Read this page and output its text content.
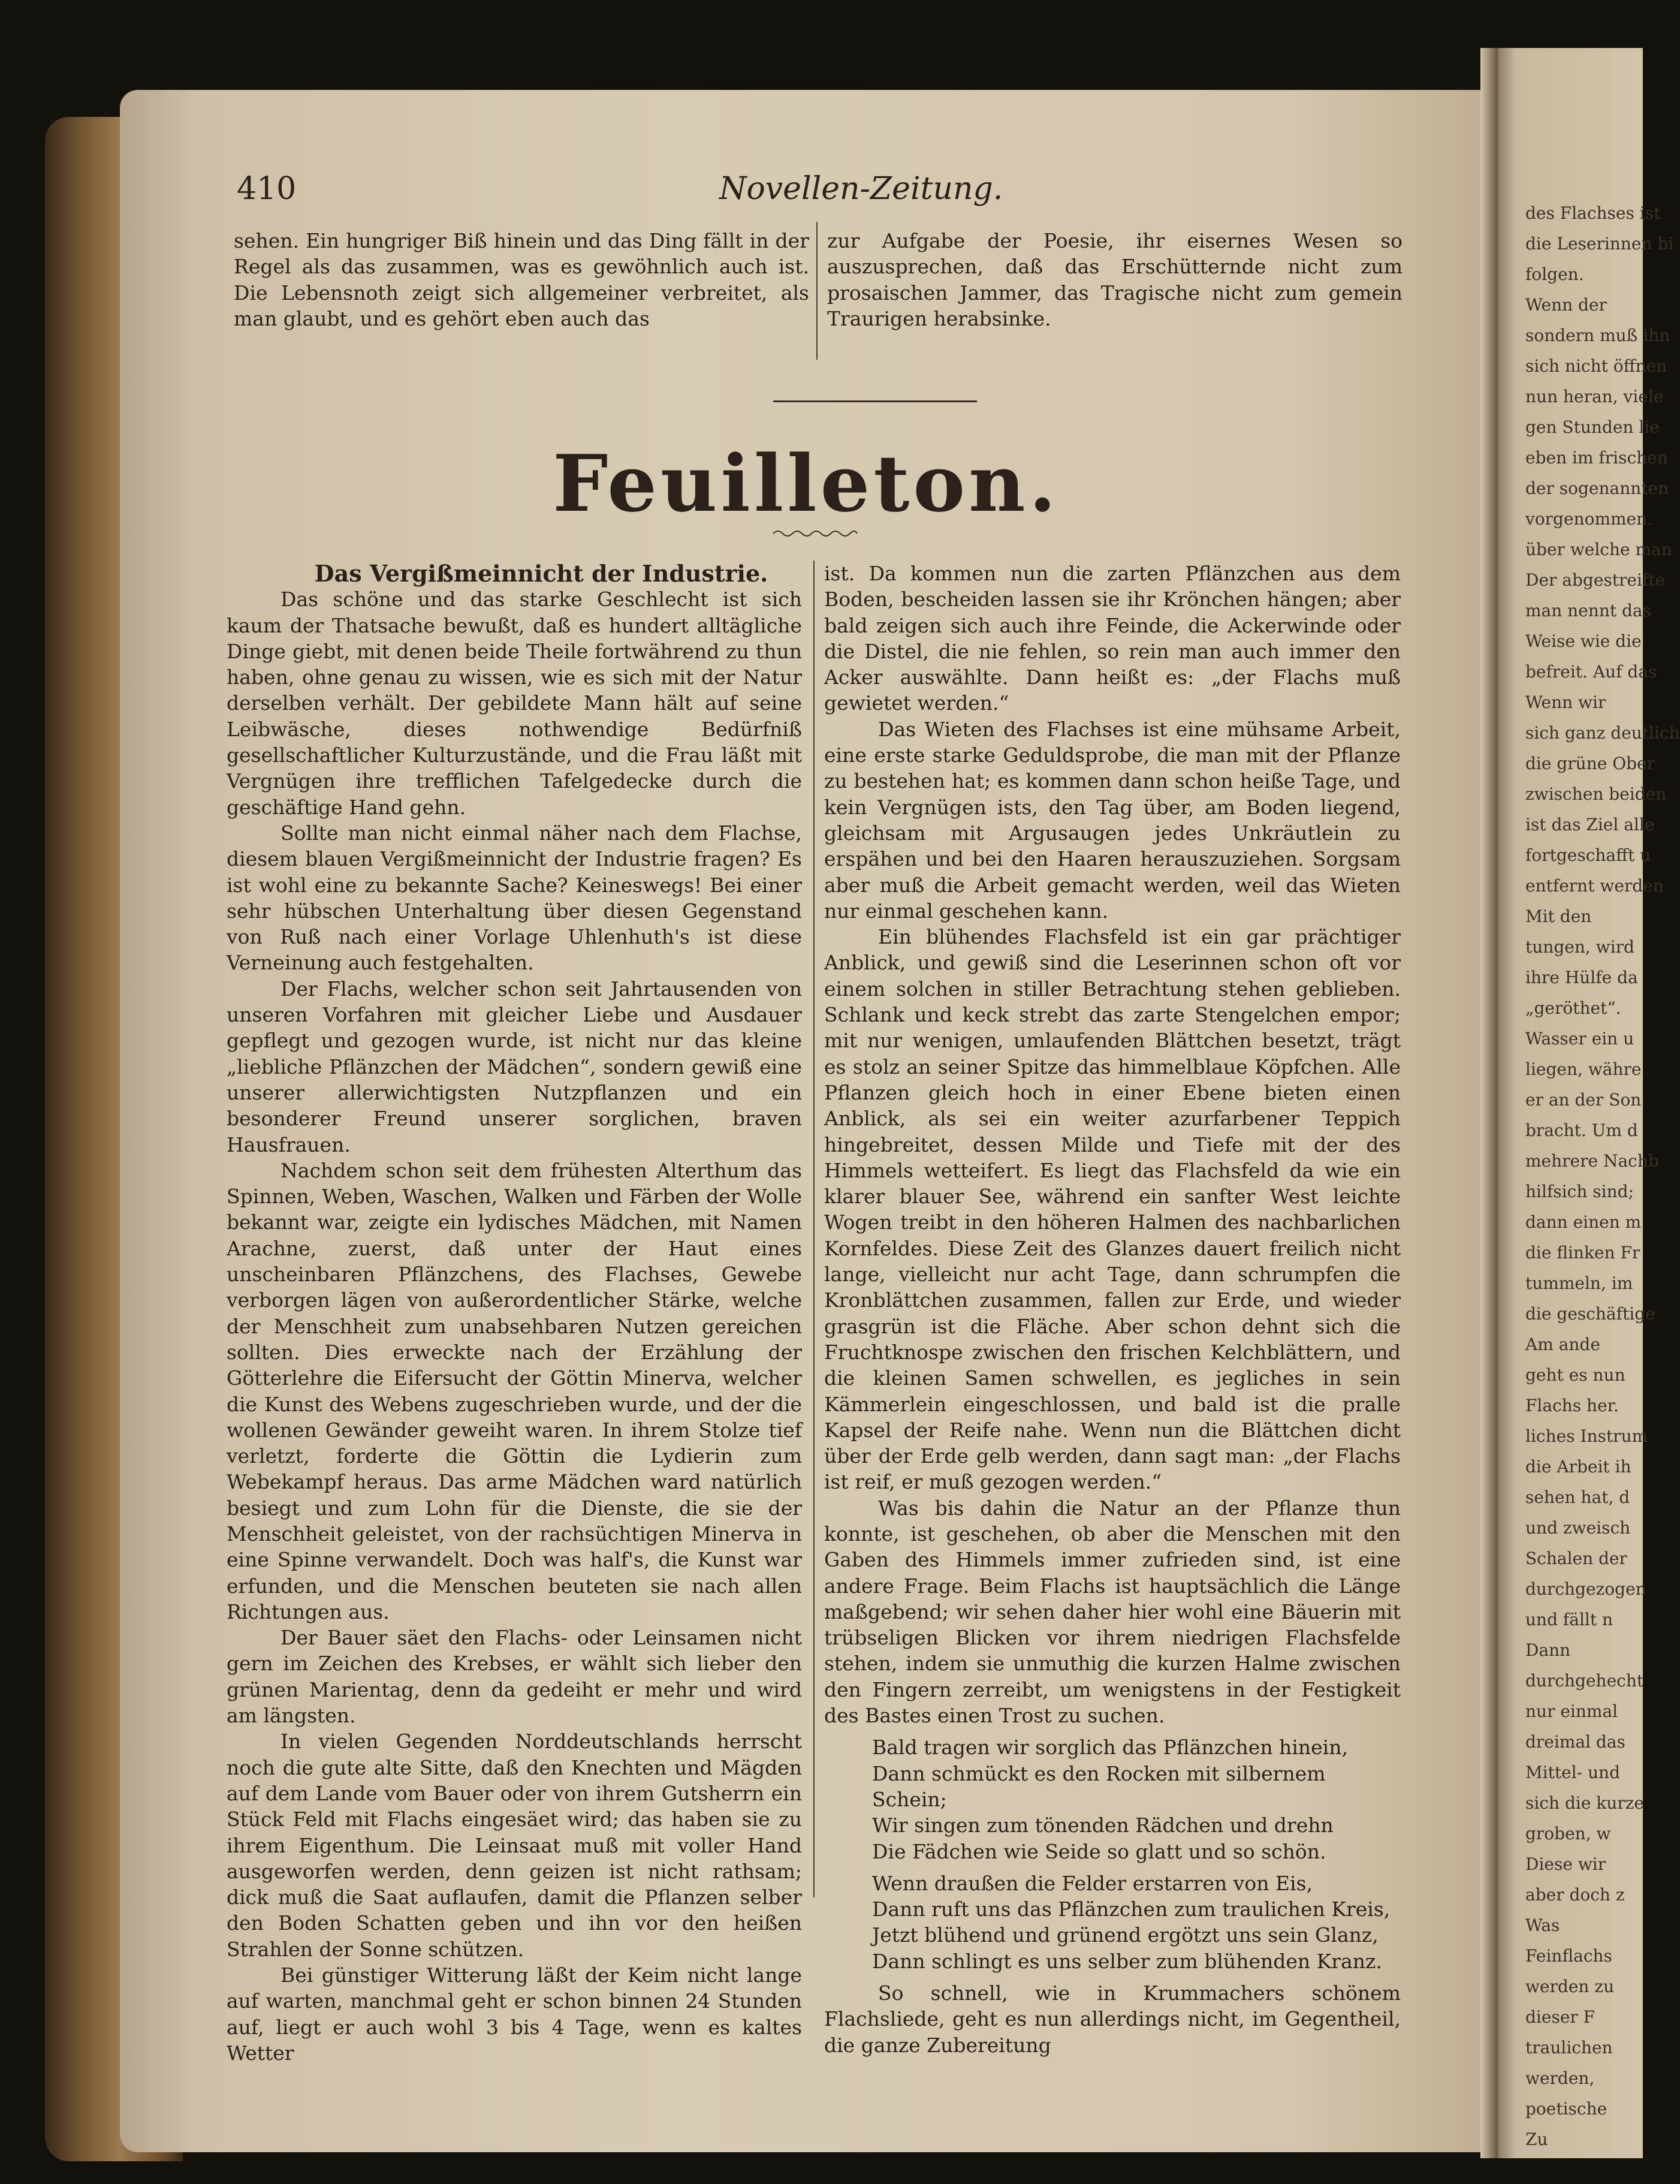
410	Novellen-Zeitung.

sehen. Ein hungriger Biß hinein und das Ding fällt in der Regel als das zusammen, was es gewöhnlich auch ist. Die Lebensnoth zeigt sich allgemeiner verbreitet, als man glaubt, und es gehört eben auch das

zur Aufgabe der Poesie, ihr eisernes Wesen so auszusprechen, daß das Erschütternde nicht zum prosaischen Jammer, das Tragische nicht zum gemein Traurigen herabsinke.

Feuilleton.

Das Vergißmeinnicht der Industrie.

Das schöne und das starke Geschlecht ist sich kaum der Thatsache bewußt, daß es hundert alltägliche Dinge giebt, mit denen beide Theile fortwährend zu thun haben, ohne genau zu wissen, wie es sich mit der Natur derselben verhält. Der gebildete Mann hält auf seine Leibwäsche, dieses nothwendige Bedürfniß gesellschaftlicher Kulturzustände, und die Frau läßt mit Vergnügen ihre trefflichen Tafelgedecke durch die geschäftige Hand gehn.

Sollte man nicht einmal näher nach dem Flachse, diesem blauen Vergißmeinnicht der Industrie fragen? Es ist wohl eine zu bekannte Sache? Keineswegs! Bei einer sehr hübschen Unterhaltung über diesen Gegenstand von Ruß nach einer Vorlage Uhlenhuth's ist diese Verneinung auch festgehalten.

Der Flachs, welcher schon seit Jahrtausenden von unseren Vorfahren mit gleicher Liebe und Ausdauer gepflegt und gezogen wurde, ist nicht nur das kleine „liebliche Pflänzchen der Mädchen“, sondern gewiß eine unserer allerwichtigsten Nutzpflanzen und ein besonderer Freund unserer sorglichen, braven Hausfrauen.

Nachdem schon seit dem frühesten Alterthum das Spinnen, Weben, Waschen, Walken und Färben der Wolle bekannt war, zeigte ein lydisches Mädchen, mit Namen Arachne, zuerst, daß unter der Haut eines unscheinbaren Pflänzchens, des Flachses, Gewebe verborgen lägen von außerordentlicher Stärke, welche der Menschheit zum unabsehbaren Nutzen gereichen sollten. Dies erweckte nach der Erzählung der Götterlehre die Eifersucht der Göttin Minerva, welcher die Kunst des Webens zugeschrieben wurde, und der die wollenen Gewänder geweiht waren. In ihrem Stolze tief verletzt, forderte die Göttin die Lydierin zum Webekampf heraus. Das arme Mädchen ward natürlich besiegt und zum Lohn für die Dienste, die sie der Menschheit geleistet, von der rachsüchtigen Minerva in eine Spinne verwandelt. Doch was half's, die Kunst war erfunden, und die Menschen beuteten sie nach allen Richtungen aus.

Der Bauer säet den Flachs- oder Leinsamen nicht gern im Zeichen des Krebses, er wählt sich lieber den grünen Marientag, denn da gedeiht er mehr und wird am längsten.

In vielen Gegenden Norddeutschlands herrscht noch die gute alte Sitte, daß den Knechten und Mägden auf dem Lande vom Bauer oder von ihrem Gutsherrn ein Stück Feld mit Flachs eingesäet wird; das haben sie zu ihrem Eigenthum. Die Leinsaat muß mit voller Hand ausgeworfen werden, denn geizen ist nicht rathsam; dick muß die Saat auflaufen, damit die Pflanzen selber den Boden Schatten geben und ihn vor den heißen Strahlen der Sonne schützen.

Bei günstiger Witterung läßt der Keim nicht lange auf warten, manchmal geht er schon binnen 24 Stunden auf, liegt er auch wohl 3 bis 4 Tage, wenn es kaltes Wetter

ist. Da kommen nun die zarten Pflänzchen aus dem Boden, bescheiden lassen sie ihr Krönchen hängen; aber bald zeigen sich auch ihre Feinde, die Ackerwinde oder die Distel, die nie fehlen, so rein man auch immer den Acker auswählte. Dann heißt es: „der Flachs muß gewietet werden.“

Das Wieten des Flachses ist eine mühsame Arbeit, eine erste starke Geduldsprobe, die man mit der Pflanze zu bestehen hat; es kommen dann schon heiße Tage, und kein Vergnügen ists, den Tag über, am Boden liegend, gleichsam mit Argusaugen jedes Unkräutlein zu erspähen und bei den Haaren herauszuziehen. Sorgsam aber muß die Arbeit gemacht werden, weil das Wieten nur einmal geschehen kann.

Ein blühendes Flachsfeld ist ein gar prächtiger Anblick, und gewiß sind die Leserinnen schon oft vor einem solchen in stiller Betrachtung stehen geblieben. Schlank und keck strebt das zarte Stengelchen empor; mit nur wenigen, umlaufenden Blättchen besetzt, trägt es stolz an seiner Spitze das himmelblaue Köpfchen. Alle Pflanzen gleich hoch in einer Ebene bieten einen Anblick, als sei ein weiter azurfarbener Teppich hingebreitet, dessen Milde und Tiefe mit der des Himmels wetteifert. Es liegt das Flachsfeld da wie ein klarer blauer See, während ein sanfter West leichte Wogen treibt in den höheren Halmen des nachbarlichen Kornfeldes. Diese Zeit des Glanzes dauert freilich nicht lange, vielleicht nur acht Tage, dann schrumpfen die Kronblättchen zusammen, fallen zur Erde, und wieder grasgrün ist die Fläche. Aber schon dehnt sich die Fruchtknospe zwischen den frischen Kelchblättern, und die kleinen Samen schwellen, es jegliches in sein Kämmerlein eingeschlossen, und bald ist die pralle Kapsel der Reife nahe. Wenn nun die Blättchen dicht über der Erde gelb werden, dann sagt man: „der Flachs ist reif, er muß gezogen werden.“

Was bis dahin die Natur an der Pflanze thun konnte, ist geschehen, ob aber die Menschen mit den Gaben des Himmels immer zufrieden sind, ist eine andere Frage. Beim Flachs ist hauptsächlich die Länge maßgebend; wir sehen daher hier wohl eine Bäuerin mit trübseligen Blicken vor ihrem niedrigen Flachsfelde stehen, indem sie unmuthig die kurzen Halme zwischen den Fingern zerreibt, um wenigstens in der Festigkeit des Bastes einen Trost zu suchen.

Bald tragen wir sorglich das Pflänzchen hinein,
Dann schmückt es den Rocken mit silbernem Schein;
Wir singen zum tönenden Rädchen und drehn
Die Fädchen wie Seide so glatt und so schön.
Wenn draußen die Felder erstarren von Eis,
Dann ruft uns das Pflänzchen zum traulichen Kreis,
Jetzt blühend und grünend ergötzt uns sein Glanz,
Dann schlingt es uns selber zum blühenden Kranz.

So schnell, wie in Krummachers schönem Flachsliede, geht es nun allerdings nicht, im Gegentheil, die ganze Zubereitung

des Flachses ist
die Leserinnen bi
folgen.
Wenn der
sondern muß ihn
sich nicht öffnen
nun heran, viele
gen Stunden lie
eben im frischen
der sogenannten
vorgenommen.
über welche man
Der abgestreifte
man nennt das
Weise wie die
befreit. Auf das
Wenn wir
sich ganz deutlich
die grüne Ober
zwischen beiden
ist das Ziel alle
fortgeschafft u
entfernt werden
Mit den
tungen, wird
ihre Hülfe da
„geröthet“.
Wasser ein u
liegen, währe
er an der Son
bracht. Um d
mehrere Nachb
hilfsich sind;
dann einen m
die flinken Fr
tummeln, im
die geschäftige
Am ande
geht es nun
Flachs her.
liches Instrum
die Arbeit ih
sehen hat, d
und zweisch
Schalen der
durchgezogen
und fällt n
Dann
durchgehecht
nur einmal
dreimal das
Mittel- und
sich die kurze
groben, w
Diese wir
aber doch z
Was
Feinflachs
werden zu
dieser F
traulichen
werden,
poetische
Zu
